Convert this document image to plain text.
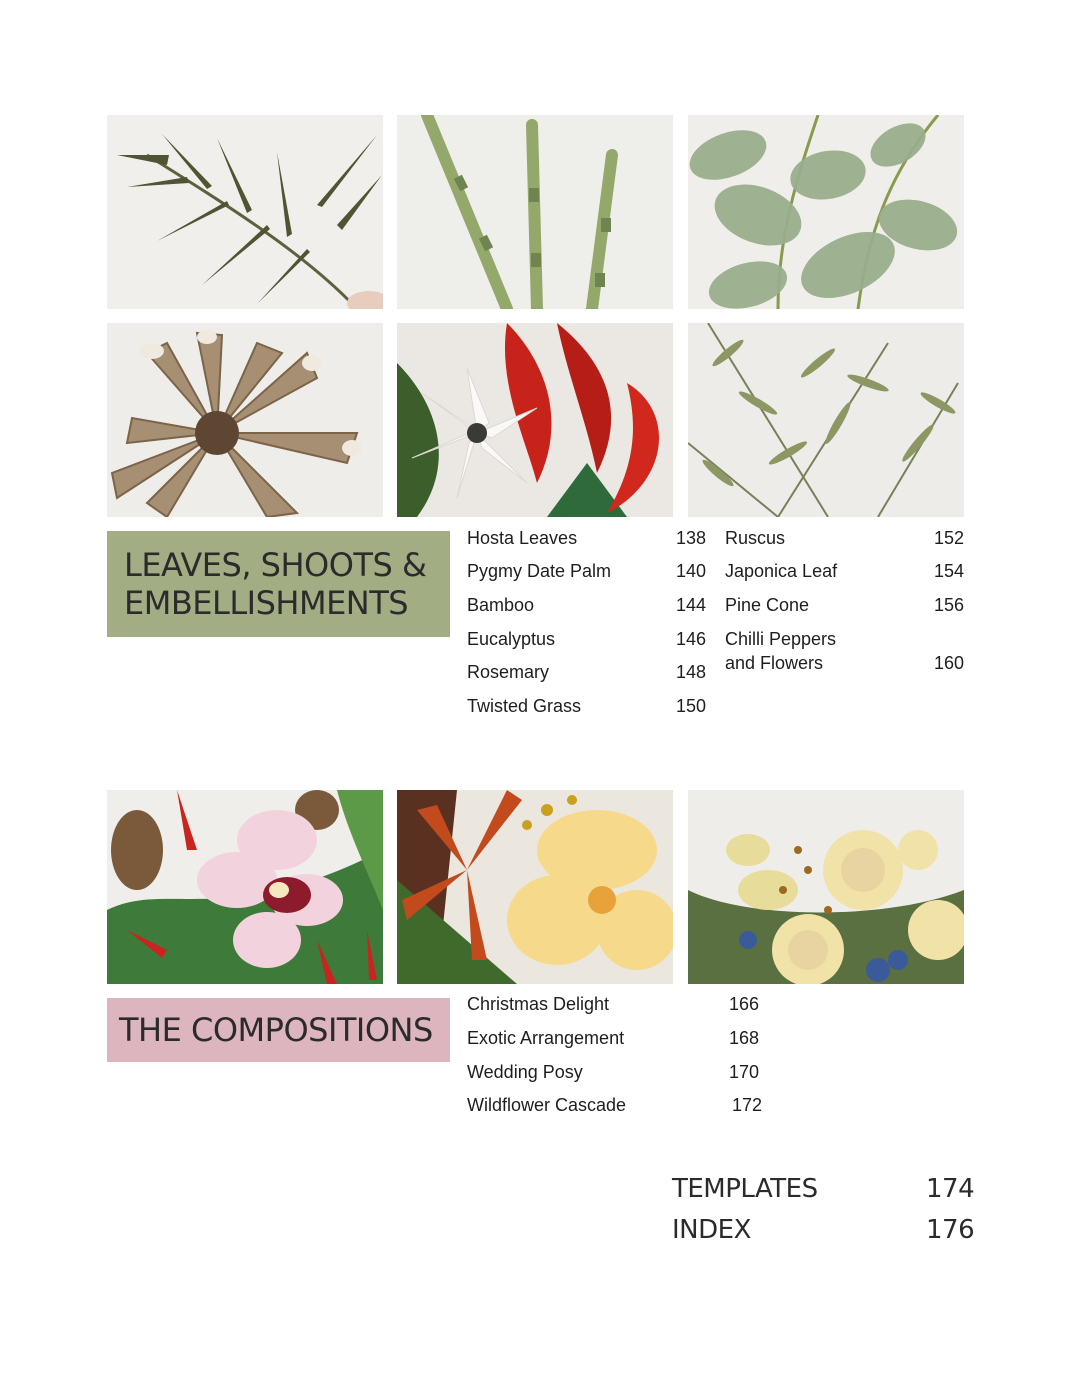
LEAVES, SHOOTS &
EMBELLISHMENTS
Hosta Leaves	138
Pygmy Date Palm	140
Bamboo	144
Eucalyptus	146
Rosemary	148
Twisted Grass	150
Ruscus	152
Japonica Leaf	154
Pine Cone	156
Chilli Peppers
and Flowers	160
THE COMPOSITIONS
Christmas Delight	166
Exotic Arrangement	168
Wedding Posy	170
Wildflower Cascade	172
TEMPLATES	174
INDEX	176
